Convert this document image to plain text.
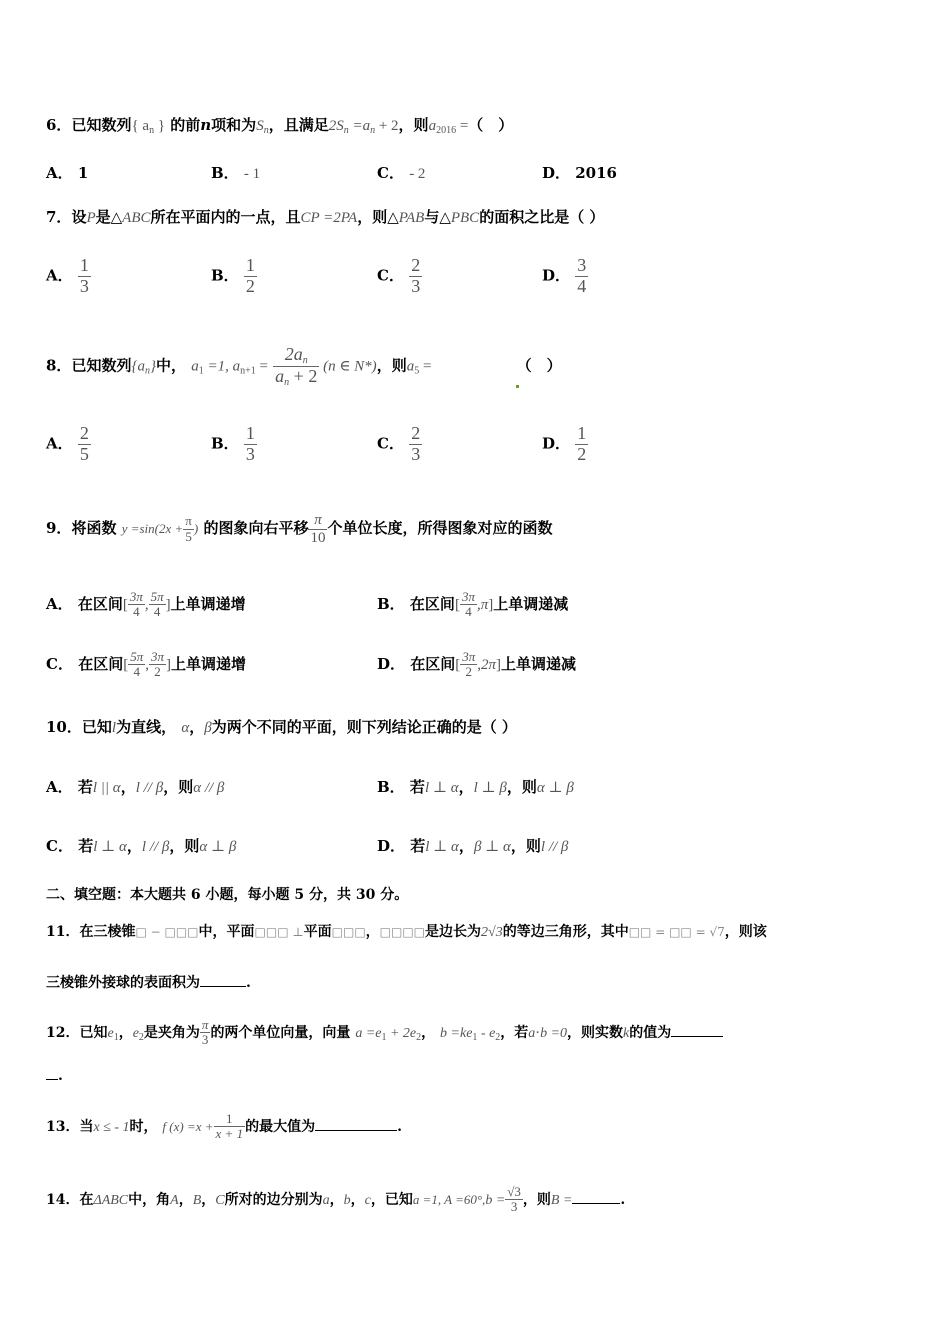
6．已知数列{ $a_n$ } 的前n项和为$S_n$，且满足$2S_n =a_n + 2$，则$a_{2016}$ =（　）
A． 1	B． - 1	C． - 2	D． 2016
7．设P是△ABC所在平面内的一点，且CP =2PA，则△PAB与△PBC的面积之比是（ ）
A． $\frac{1}{3}$	B． $\frac{1}{2}$	C． $\frac{2}{3}$	D． $\frac{3}{4}$
8．已知数列$\{a_n\}$中， $a_1 =1$, $a_{n+1} = \frac{2a_n}{a_n + 2} (n$ ∈ N*)，则$a_5$ =	（　）
A． $\frac{2}{5}$	B． $\frac{1}{3}$	C． $\frac{2}{3}$	D． $\frac{1}{2}$
9．将函数 $y =\sin(2x + \frac{\pi}{5}$ ) 的图象向右平移 $\frac{\pi}{10}$ 个单位长度，所得图象对应的函数
A． 在区间[ $\frac{3\pi}{4}$ , $\frac{5\pi}{4}$ ]上单调递增	B． 在区间[ $\frac{3\pi}{4} ,\pi$]上单调递减
C． 在区间[ $\frac{5\pi}{4}$ , $\frac{3\pi}{2}$ ]上单调递增	D． 在区间[ $\frac{3\pi}{2} ,2\pi$]上单调递减
10．已知l为直线， α，β为两个不同的平面，则下列结论正确的是（ ）
A． 若l || α，l // β，则α // β	B． 若l ⊥ α，l ⊥ β，则α ⊥ β
C． 若l ⊥ α，l // β，则α ⊥ β	D． 若l ⊥ α，β ⊥ α，则l // β
二、填空题：本大题共 6 小题，每小题 5 分，共 30 分。
11．在三棱锥□ − □□□中，平面□□□ ⊥平面□□□，□□□□是边长为2√3的等边三角形，其中□□ = □□ = √7，则该
三棱锥外接球的表面积为	.
12．已知$e_1$，$e_2$是夹角为 $\frac{\pi}{3}$ 的两个单位向量，向量 $a =e_1 + 2e_2$， $b =ke_1 - e_2$，若a⋅b =0，则实数k的值为
.
13．当x ≤ - 1时， f $(x) =x + \frac{1}{x + 1}$ 的最大值为	.
14．在ΔABC中，角A，B，C所对的边分别为a，b，c，已知a =1, $A =60^\circ,b = \frac{√3}{3}$ ，则B =	.
